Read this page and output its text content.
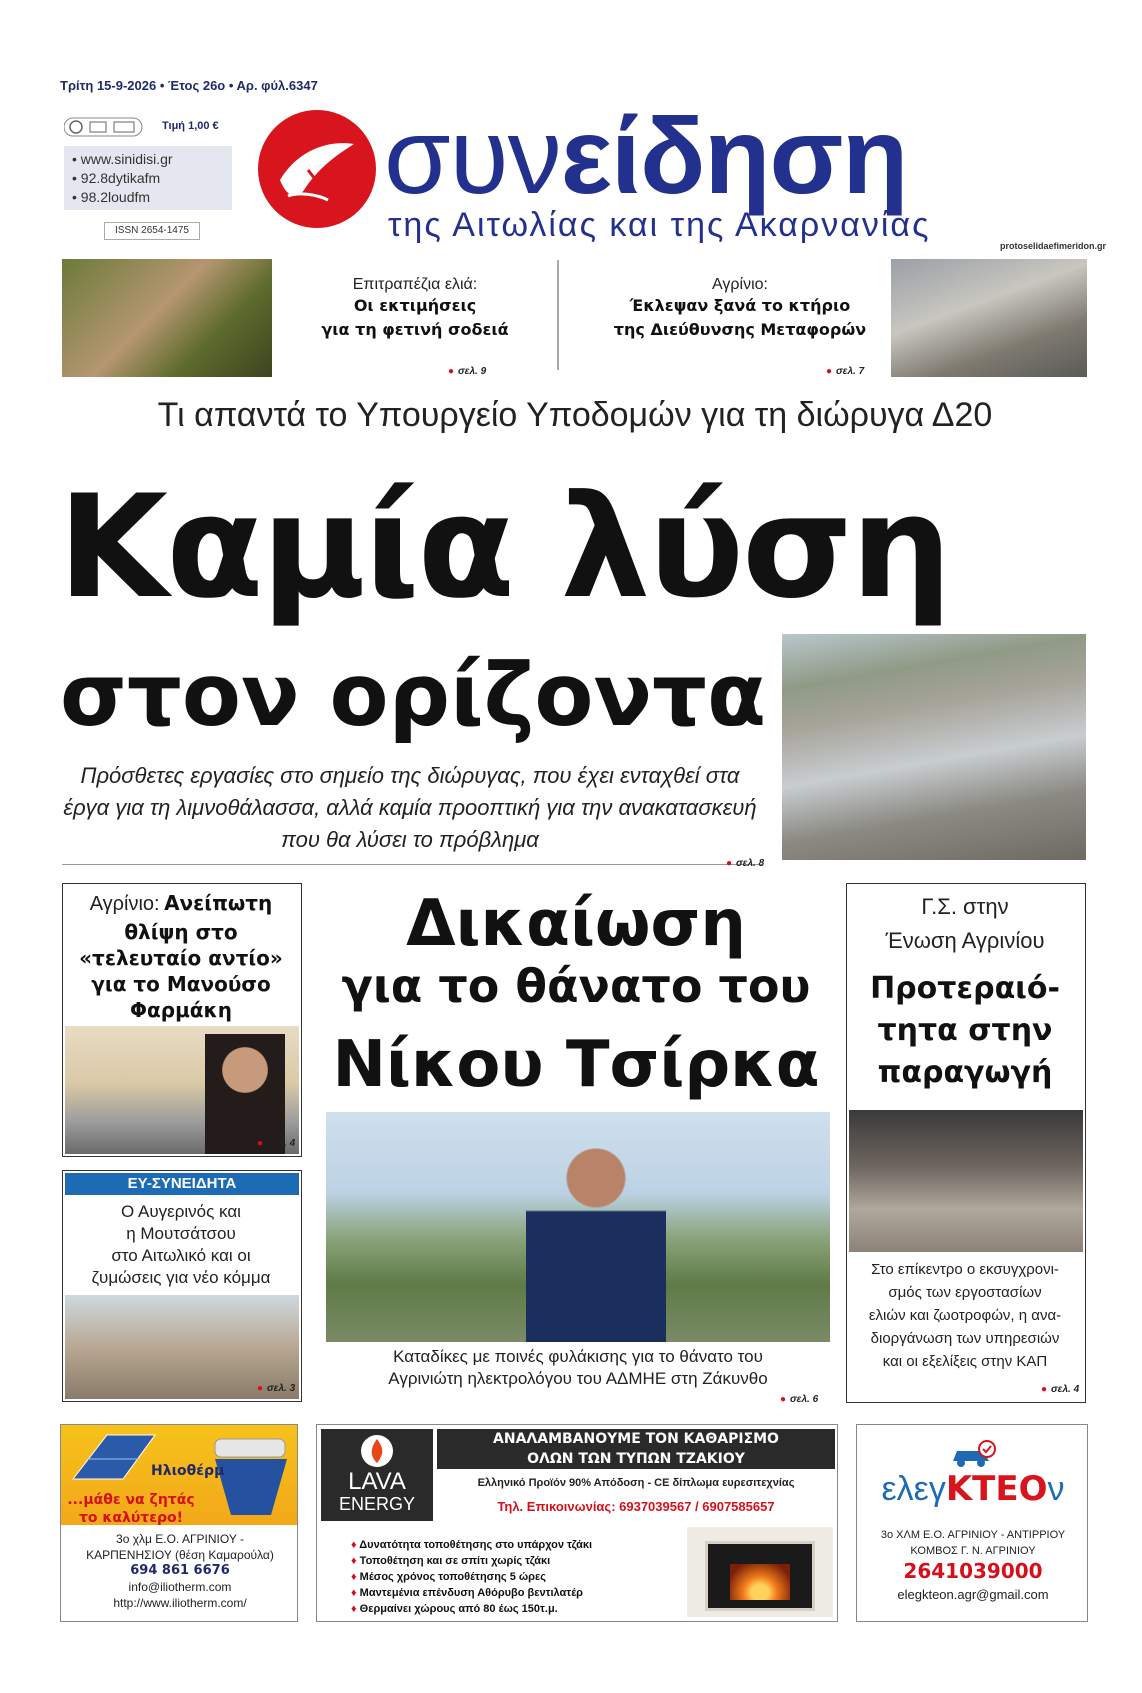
Τρίτη 15-9-2026 • Έτος 26ο • Αρ. φύλ.6347
Τιμή 1,00 €
• www.sinidisi.gr
• 92.8dytikafm
• 98.2loudfm
ISSN 2654-1475
συνείδηση
της Αιτωλίας και της Ακαρνανίας
protoselidaefimeridon.gr
Επιτραπέζια ελιά:
Οι εκτιμήσεις
για τη φετινή σοδειά
● σελ. 9
Αγρίνιο:
Έκλεψαν ξανά το κτήριο
της Διεύθυνσης Μεταφορών
● σελ. 7
Τι απαντά το Υπουργείο Υποδομών για τη διώρυγα Δ20
Καμία λύση
στον ορίζοντα
Πρόσθετες εργασίες στο σημείο της διώρυγας, που έχει ενταχθεί στα έργα για τη λιμνοθάλασσα, αλλά καμία προοπτική για την ανακατασκευή που θα λύσει το πρόβλημα
● σελ. 8
Αγρίνιο: Ανείπωτη
θλίψη στο
«τελευταίο αντίο»
για το Μανούσο
Φαρμάκη
● σελ. 4
ΕΥ-ΣΥΝΕΙΔΗΤΑ
Ο Αυγερινός και
η Μουτσάτσου
στο Αιτωλικό και οι
ζυμώσεις για νέο κόμμα
● σελ. 3
Δικαίωση
για το θάνατο του
Νίκου Τσίρκα
Καταδίκες με ποινές φυλάκισης για το θάνατο του
Αγρινιώτη ηλεκτρολόγου του ΑΔΜΗΕ στη Ζάκυνθο
● σελ. 6
Γ.Σ. στην
Ένωση Αγρινίου
Προτεραιό-
τητα στην
παραγωγή
Στο επίκεντρο ο εκσυγχρονι-
σμός των εργοστασίων
ελιών και ζωοτροφών, η ανα-
διοργάνωση των υπηρεσιών
και οι εξελίξεις στην ΚΑΠ
● σελ. 4
Ηλιοθέρμ
...μάθε να ζητάς
το καλύτερο!
3ο χλμ Ε.Ο. ΑΓΡΙΝΙΟΥ -
ΚΑΡΠΕΝΗΣΙΟΥ (θέση Καμαρούλα)
694 861 6676
info@iliotherm.com
http://www.iliotherm.com/
LAVA
ENERGY
ΑΝΑΛΑΜΒΑΝΟΥΜΕ ΤΟΝ ΚΑΘΑΡΙΣΜΟ
ΟΛΩΝ ΤΩΝ ΤΥΠΩΝ ΤΖΑΚΙΟΥ
Ελληνικό Προϊόν 90% Απόδοση - CE δίπλωμα ευρεσιτεχνίας
Τηλ. Επικοινωνίας: 6937039567 / 6907585657
♦ Δυνατότητα τοποθέτησης στο υπάρχον τζάκι
♦ Τοποθέτηση και σε σπίτι χωρίς τζάκι
♦ Μέσος χρόνος τοποθέτησης 5 ώρες
♦ Μαντεμένια επένδυση Αθόρυβο βεντιλατέρ
♦ Θερμαίνει χώρους από 80 έως 150τ.μ.
ελεγΚΤΕΟν
3ο ΧΛΜ Ε.Ο. ΑΓΡΙΝΙΟΥ - ΑΝΤΙΡΡΙΟΥ
ΚΟΜΒΟΣ Γ. Ν. ΑΓΡΙΝΙΟΥ
2641039000
elegkteon.agr@gmail.com
